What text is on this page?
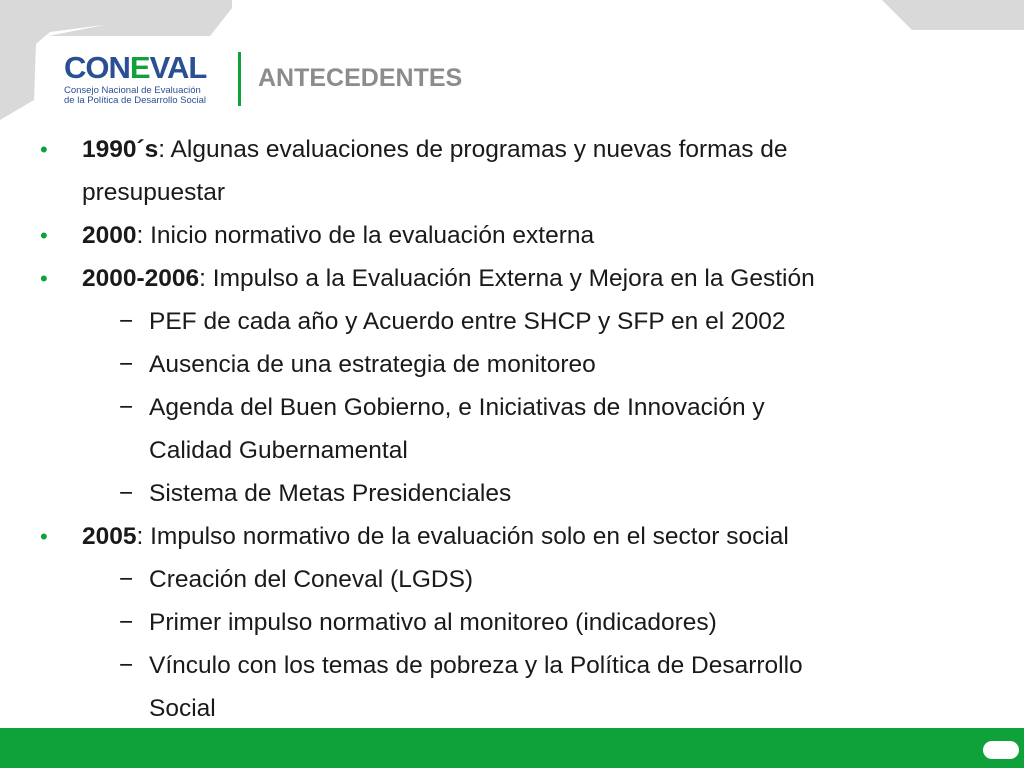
CONEVAL
Consejo Nacional de Evaluación
de la Política de Desarrollo Social
ANTECEDENTES
• 1990´s: Algunas evaluaciones de programas y nuevas formas de
presupuestar
• 2000: Inicio normativo de la evaluación externa
• 2000-2006: Impulso a la Evaluación Externa y Mejora en la Gestión
− PEF de cada año y Acuerdo entre SHCP y SFP en el 2002
− Ausencia de una estrategia de monitoreo
− Agenda del Buen Gobierno, e Iniciativas de Innovación y
Calidad Gubernamental
− Sistema de Metas Presidenciales
• 2005: Impulso normativo de la evaluación solo en el sector social
− Creación del Coneval (LGDS)
− Primer impulso normativo al monitoreo (indicadores)
− Vínculo con los temas de pobreza y la Política de Desarrollo
Social
